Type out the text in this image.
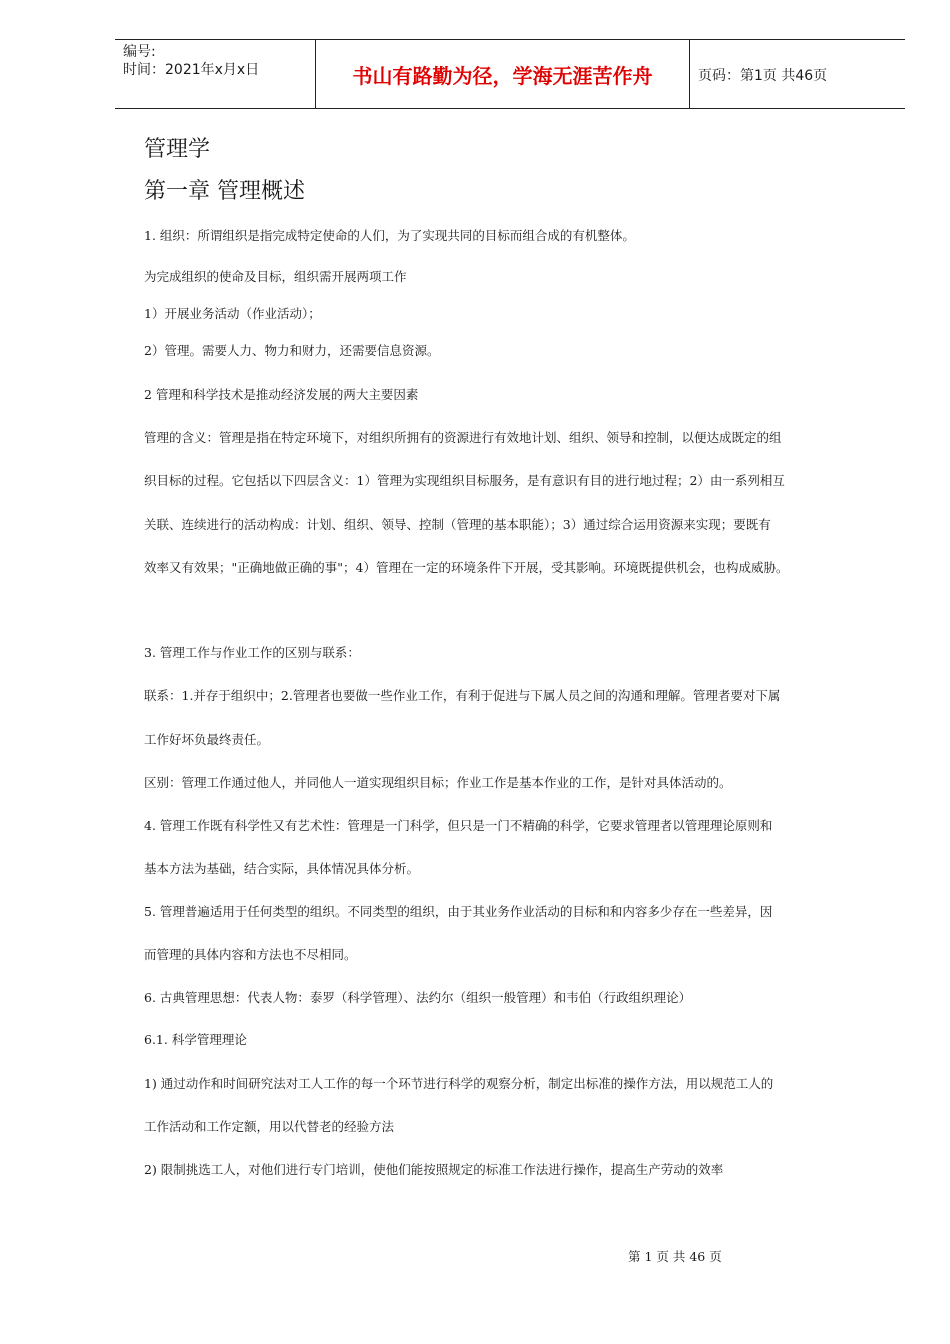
编号:
时间：2021年x月x日	书山有路勤为径，学海无涯苦作舟	页码：第1页 共46页
管理学
第一章 管理概述
1. 组织：所谓组织是指完成特定使命的人们，为了实现共同的目标而组合成的有机整体。
为完成组织的使命及目标，组织需开展两项工作
1）开展业务活动（作业活动）；
2）管理。需要人力、物力和财力，还需要信息资源。
2 管理和科学技术是推动经济发展的两大主要因素
管理的含义：管理是指在特定环境下，对组织所拥有的资源进行有效地计划、组织、领导和控制，以便达成既定的组
织目标的过程。它包括以下四层含义：1）管理为实现组织目标服务，是有意识有目的进行地过程；2）由一系列相互
关联、连续进行的活动构成：计划、组织、领导、控制（管理的基本职能）；3）通过综合运用资源来实现；要既有
效率又有效果；"正确地做正确的事"；4）管理在一定的环境条件下开展，受其影响。环境既提供机会，也构成威胁。
3. 管理工作与作业工作的区别与联系：
联系：1.并存于组织中；2.管理者也要做一些作业工作，有利于促进与下属人员之间的沟通和理解。管理者要对下属
工作好坏负最终责任。
区别：管理工作通过他人，并同他人一道实现组织目标；作业工作是基本作业的工作，是针对具体活动的。
4. 管理工作既有科学性又有艺术性：管理是一门科学，但只是一门不精确的科学，它要求管理者以管理理论原则和
基本方法为基础，结合实际，具体情况具体分析。
5. 管理普遍适用于任何类型的组织。不同类型的组织，由于其业务作业活动的目标和和内容多少存在一些差异，因
而管理的具体内容和方法也不尽相同。
6. 古典管理思想：代表人物：泰罗（科学管理）、法约尔（组织一般管理）和韦伯（行政组织理论）
6.1. 科学管理理论
1) 通过动作和时间研究法对工人工作的每一个环节进行科学的观察分析，制定出标准的操作方法，用以规范工人的
工作活动和工作定额，用以代替老的经验方法
2) 限制挑选工人，对他们进行专门培训，使他们能按照规定的标准工作法进行操作，提高生产劳动的效率
第 1 页 共 46 页
